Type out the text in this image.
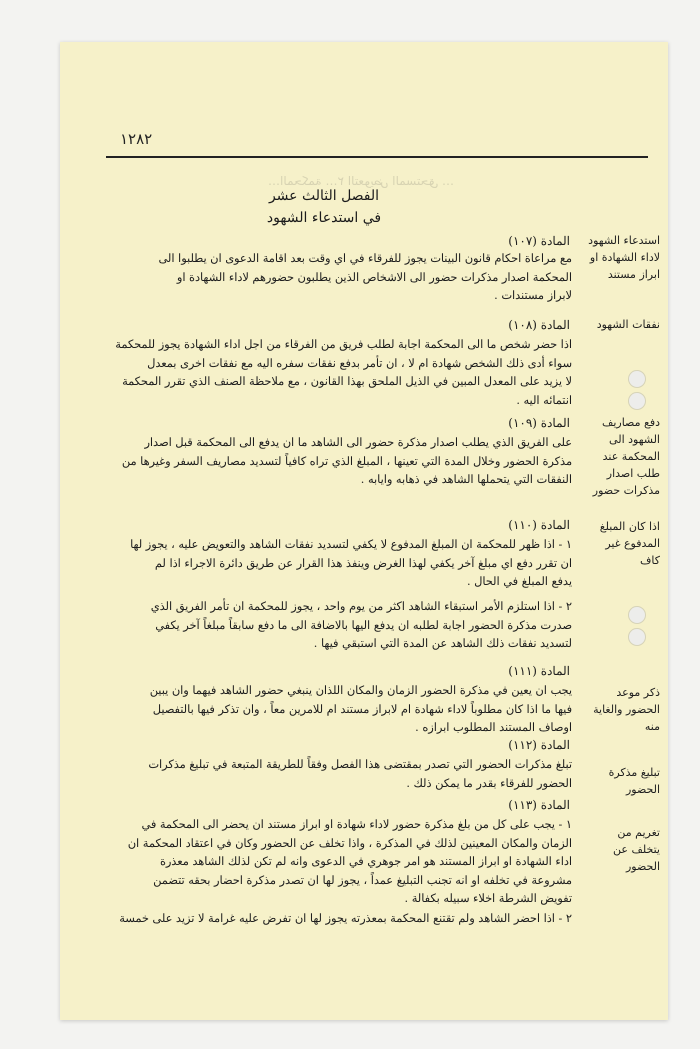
١٢٨٢
…المحكمة …٢ التعويض المستحق …
الفصل الثالث عشر
في استدعاء الشهود
استدعاء الشهود لاداء الشهادة او ابراز مستند
نفقات الشهود
دفع مصاريف الشهود الى المحكمة عند طلب اصدار مذكرات حضور
اذا كان المبلغ المدفوع غير كاف
ذكر موعد الحضور والغاية منه
تبليغ مذكرة الحضور
تغريم من يتخلف عن الحضور
المادة (١٠٧)
مع مراعاة احكام قانون البينات يجوز للفرقاء في اي وقت بعد اقامة الدعوى ان يطلبوا الى
المحكمة اصدار مذكرات حضور الى الاشخاص الذين يطلبون حضورهم لاداء الشهادة او
لابراز مستندات .
المادة (١٠٨)
اذا حضر شخص ما الى المحكمة اجابة لطلب فريق من الفرقاء من اجل اداء الشهادة يجوز للمحكمة
سواء أدى ذلك الشخص شهادة ام لا ، ان تأمر بدفع نفقات سفره اليه مع نفقات اخرى بمعدل
لا يزيد على المعدل المبين في الذيل الملحق بهذا القانون ، مع ملاحظة الصنف الذي تقرر المحكمة
انتمائه اليه .
المادة (١٠٩)
على الفريق الذي يطلب اصدار مذكرة حضور الى الشاهد ما ان يدفع الى المحكمة قبل اصدار
مذكرة الحضور وخلال المدة التي تعينها ، المبلغ الذي تراه كافياً لتسديد مصاريف السفر وغيرها من
النفقات التي يتحملها الشاهد في ذهابه وايابه .
المادة (١١٠)
١ - اذا ظهر للمحكمة ان المبلغ المدفوع لا يكفي لتسديد نفقات الشاهد والتعويض عليه ، يجوز لها
ان تقرر دفع اي مبلغ آخر يكفي لهذا الغرض وينفذ هذا القرار عن طريق دائرة الاجراء اذا لم
يدفع المبلغ في الحال .
٢ - اذا استلزم الأمر استبقاء الشاهد اكثر من يوم واحد ، يجوز للمحكمة ان تأمر الفريق الذي
صدرت مذكرة الحضور اجابة لطلبه ان يدفع اليها بالاضافة الى ما دفع سابقاً مبلغاً آخر يكفي
لتسديد نفقات ذلك الشاهد عن المدة التي استبقي فيها .
المادة (١١١)
يجب ان يعين في مذكرة الحضور الزمان والمكان اللذان ينبغي حضور الشاهد فيهما وان يبين
فيها ما اذا كان مطلوباً لاداء شهادة ام لابراز مستند ام للامرين معاً ، وان تذكر فيها بالتفصيل
اوصاف المستند المطلوب ابرازه .
المادة (١١٢)
تبلغ مذكرات الحضور التي تصدر بمقتضى هذا الفصل وفقاً للطريقة المتبعة في تبليغ مذكرات
الحضور للفرقاء بقدر ما يمكن ذلك .
المادة (١١٣)
١ - يجب على كل من بلغ مذكرة حضور لاداء شهادة او ابراز مستند ان يحضر الى المحكمة في
الزمان والمكان المعينين لذلك في المذكرة ، واذا تخلف عن الحضور وكان في اعتقاد المحكمة ان
اداء الشهادة او ابراز المستند هو امر جوهري في الدعوى وانه لم تكن لذلك الشاهد معذرة
مشروعة في تخلفه او انه تجنب التبليغ عمداً ، يجوز لها ان تصدر مذكرة احضار بحقه تتضمن
تفويض الشرطة اخلاء سبيله بكفالة .
٢ - اذا احضر الشاهد ولم تقتنع المحكمة بمعذرته يجوز لها ان تفرض عليه غرامة لا تزيد على خمسة
